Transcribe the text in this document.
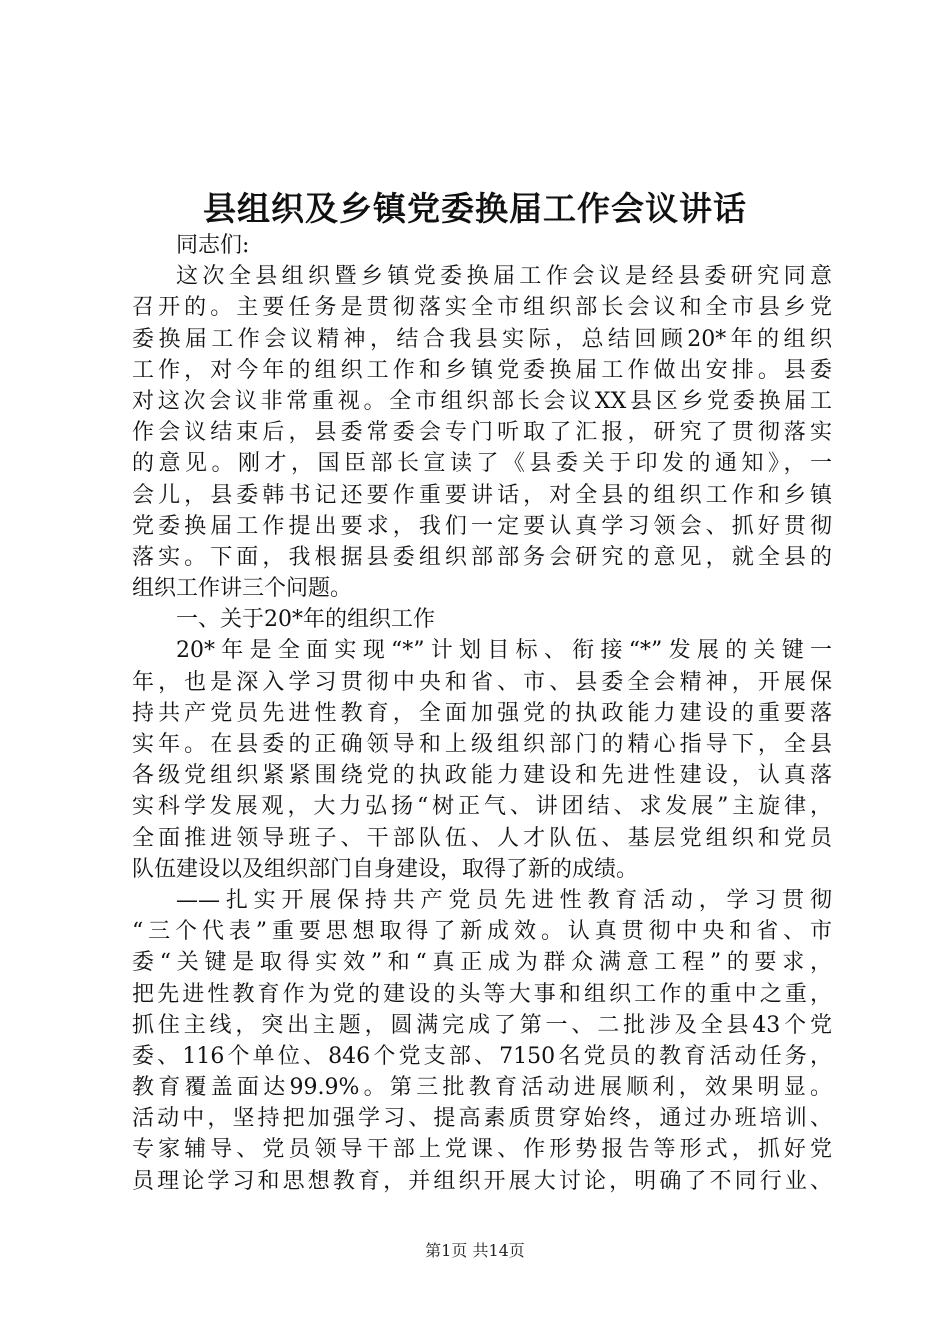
县组织及乡镇党委换届工作会议讲话
同志们:
这次全县组织暨乡镇党委换届工作会议是经县委研究同意
召开的。主要任务是贯彻落实全市组织部长会议和全市县乡党
委换届工作会议精神，结合我县实际，总结回顾20*年的组织
工作，对今年的组织工作和乡镇党委换届工作做出安排。县委
对这次会议非常重视。全市组织部长会议XX县区乡党委换届工
作会议结束后，县委常委会专门听取了汇报，研究了贯彻落实
的意见。刚才，国臣部长宣读了《县委关于印发的通知》，一
会儿，县委韩书记还要作重要讲话，对全县的组织工作和乡镇
党委换届工作提出要求，我们一定要认真学习领会、抓好贯彻
落实。下面，我根据县委组织部部务会研究的意见，就全县的
组织工作讲三个问题。
一、关于20*年的组织工作
20*年是全面实现“*”计划目标、衔接“*”发展的关键一
年，也是深入学习贯彻中央和省、市、县委全会精神，开展保
持共产党员先进性教育，全面加强党的执政能力建设的重要落
实年。在县委的正确领导和上级组织部门的精心指导下，全县
各级党组织紧紧围绕党的执政能力建设和先进性建设，认真落
实科学发展观，大力弘扬“树正气、讲团结、求发展”主旋律，
全面推进领导班子、干部队伍、人才队伍、基层党组织和党员
队伍建设以及组织部门自身建设，取得了新的成绩。
——扎实开展保持共产党员先进性教育活动，学习贯彻
“三个代表”重要思想取得了新成效。认真贯彻中央和省、市
委“关键是取得实效”和“真正成为群众满意工程”的要求，
把先进性教育作为党的建设的头等大事和组织工作的重中之重，
抓住主线，突出主题，圆满完成了第一、二批涉及全县43个党
委、116个单位、846个党支部、7150名党员的教育活动任务，
教育覆盖面达99.9%。第三批教育活动进展顺利，效果明显。
活动中，坚持把加强学习、提高素质贯穿始终，通过办班培训、
专家辅导、党员领导干部上党课、作形势报告等形式，抓好党
员理论学习和思想教育，并组织开展大讨论，明确了不同行业、
第1页 共14页
